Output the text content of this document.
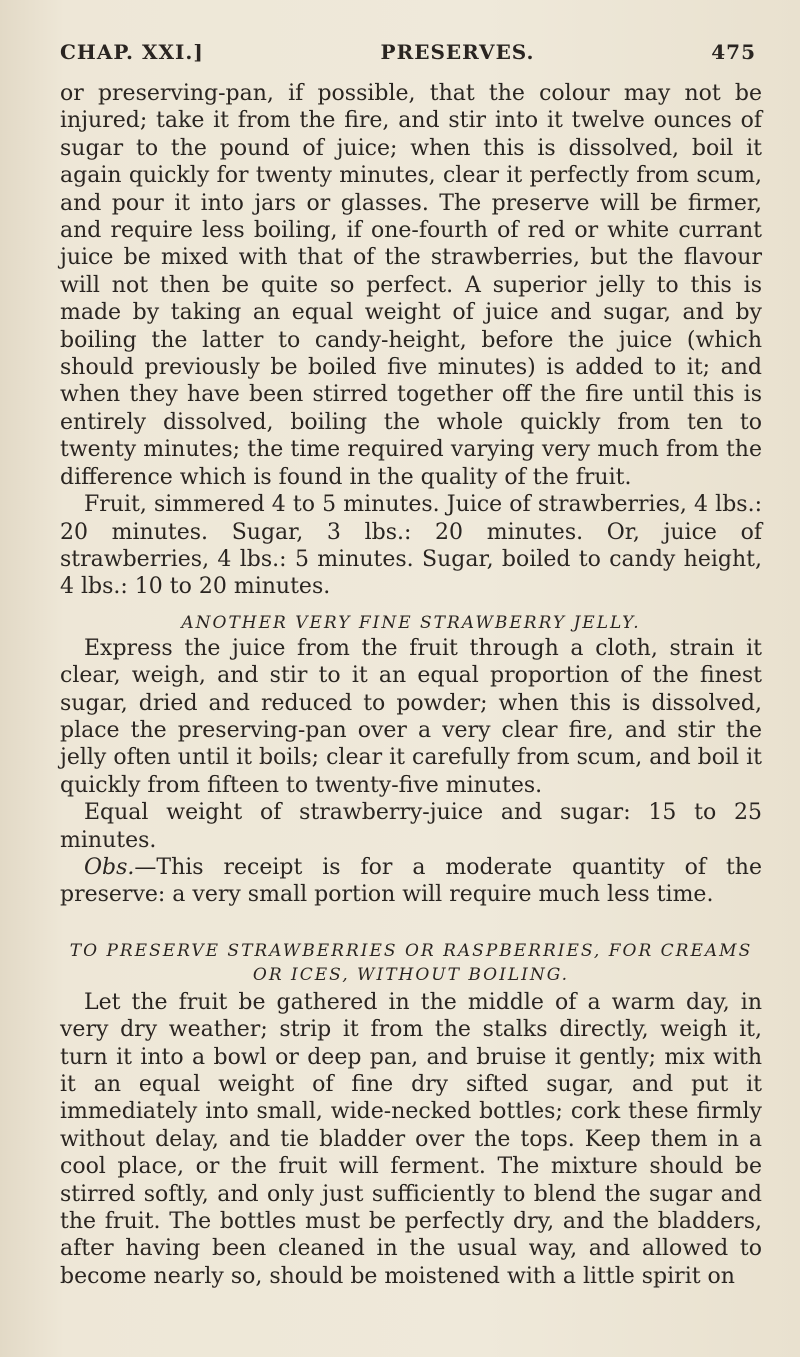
CHAP. XXI.]	PRESERVES.	475

or preserving-pan, if possible, that the colour may not be injured; take it from the fire, and stir into it twelve ounces of sugar to the pound of juice; when this is dissolved, boil it again quickly for twenty minutes, clear it perfectly from scum, and pour it into jars or glasses. The preserve will be firmer, and require less boiling, if one-fourth of red or white currant juice be mixed with that of the strawberries, but the flavour will not then be quite so perfect. A superior jelly to this is made by taking an equal weight of juice and sugar, and by boiling the latter to candy-height, before the juice (which should previously be boiled five minutes) is added to it; and when they have been stirred together off the fire until this is entirely dissolved, boiling the whole quickly from ten to twenty minutes; the time required varying very much from the difference which is found in the quality of the fruit.

Fruit, simmered 4 to 5 minutes. Juice of strawberries, 4 lbs.: 20 minutes. Sugar, 3 lbs.: 20 minutes. Or, juice of strawberries, 4 lbs.: 5 minutes. Sugar, boiled to candy height, 4 lbs.: 10 to 20 minutes.

ANOTHER VERY FINE STRAWBERRY JELLY.

Express the juice from the fruit through a cloth, strain it clear, weigh, and stir to it an equal proportion of the finest sugar, dried and reduced to powder; when this is dissolved, place the preserving-pan over a very clear fire, and stir the jelly often until it boils; clear it carefully from scum, and boil it quickly from fifteen to twenty-five minutes.

Equal weight of strawberry-juice and sugar: 15 to 25 minutes.

Obs.—This receipt is for a moderate quantity of the preserve: a very small portion will require much less time.

TO PRESERVE STRAWBERRIES OR RASPBERRIES, FOR CREAMS OR ICES, WITHOUT BOILING.

Let the fruit be gathered in the middle of a warm day, in very dry weather; strip it from the stalks directly, weigh it, turn it into a bowl or deep pan, and bruise it gently; mix with it an equal weight of fine dry sifted sugar, and put it immediately into small, wide-necked bottles; cork these firmly without delay, and tie bladder over the tops. Keep them in a cool place, or the fruit will ferment. The mixture should be stirred softly, and only just sufficiently to blend the sugar and the fruit. The bottles must be perfectly dry, and the bladders, after having been cleaned in the usual way, and allowed to become nearly so, should be moistened with a little spirit on
